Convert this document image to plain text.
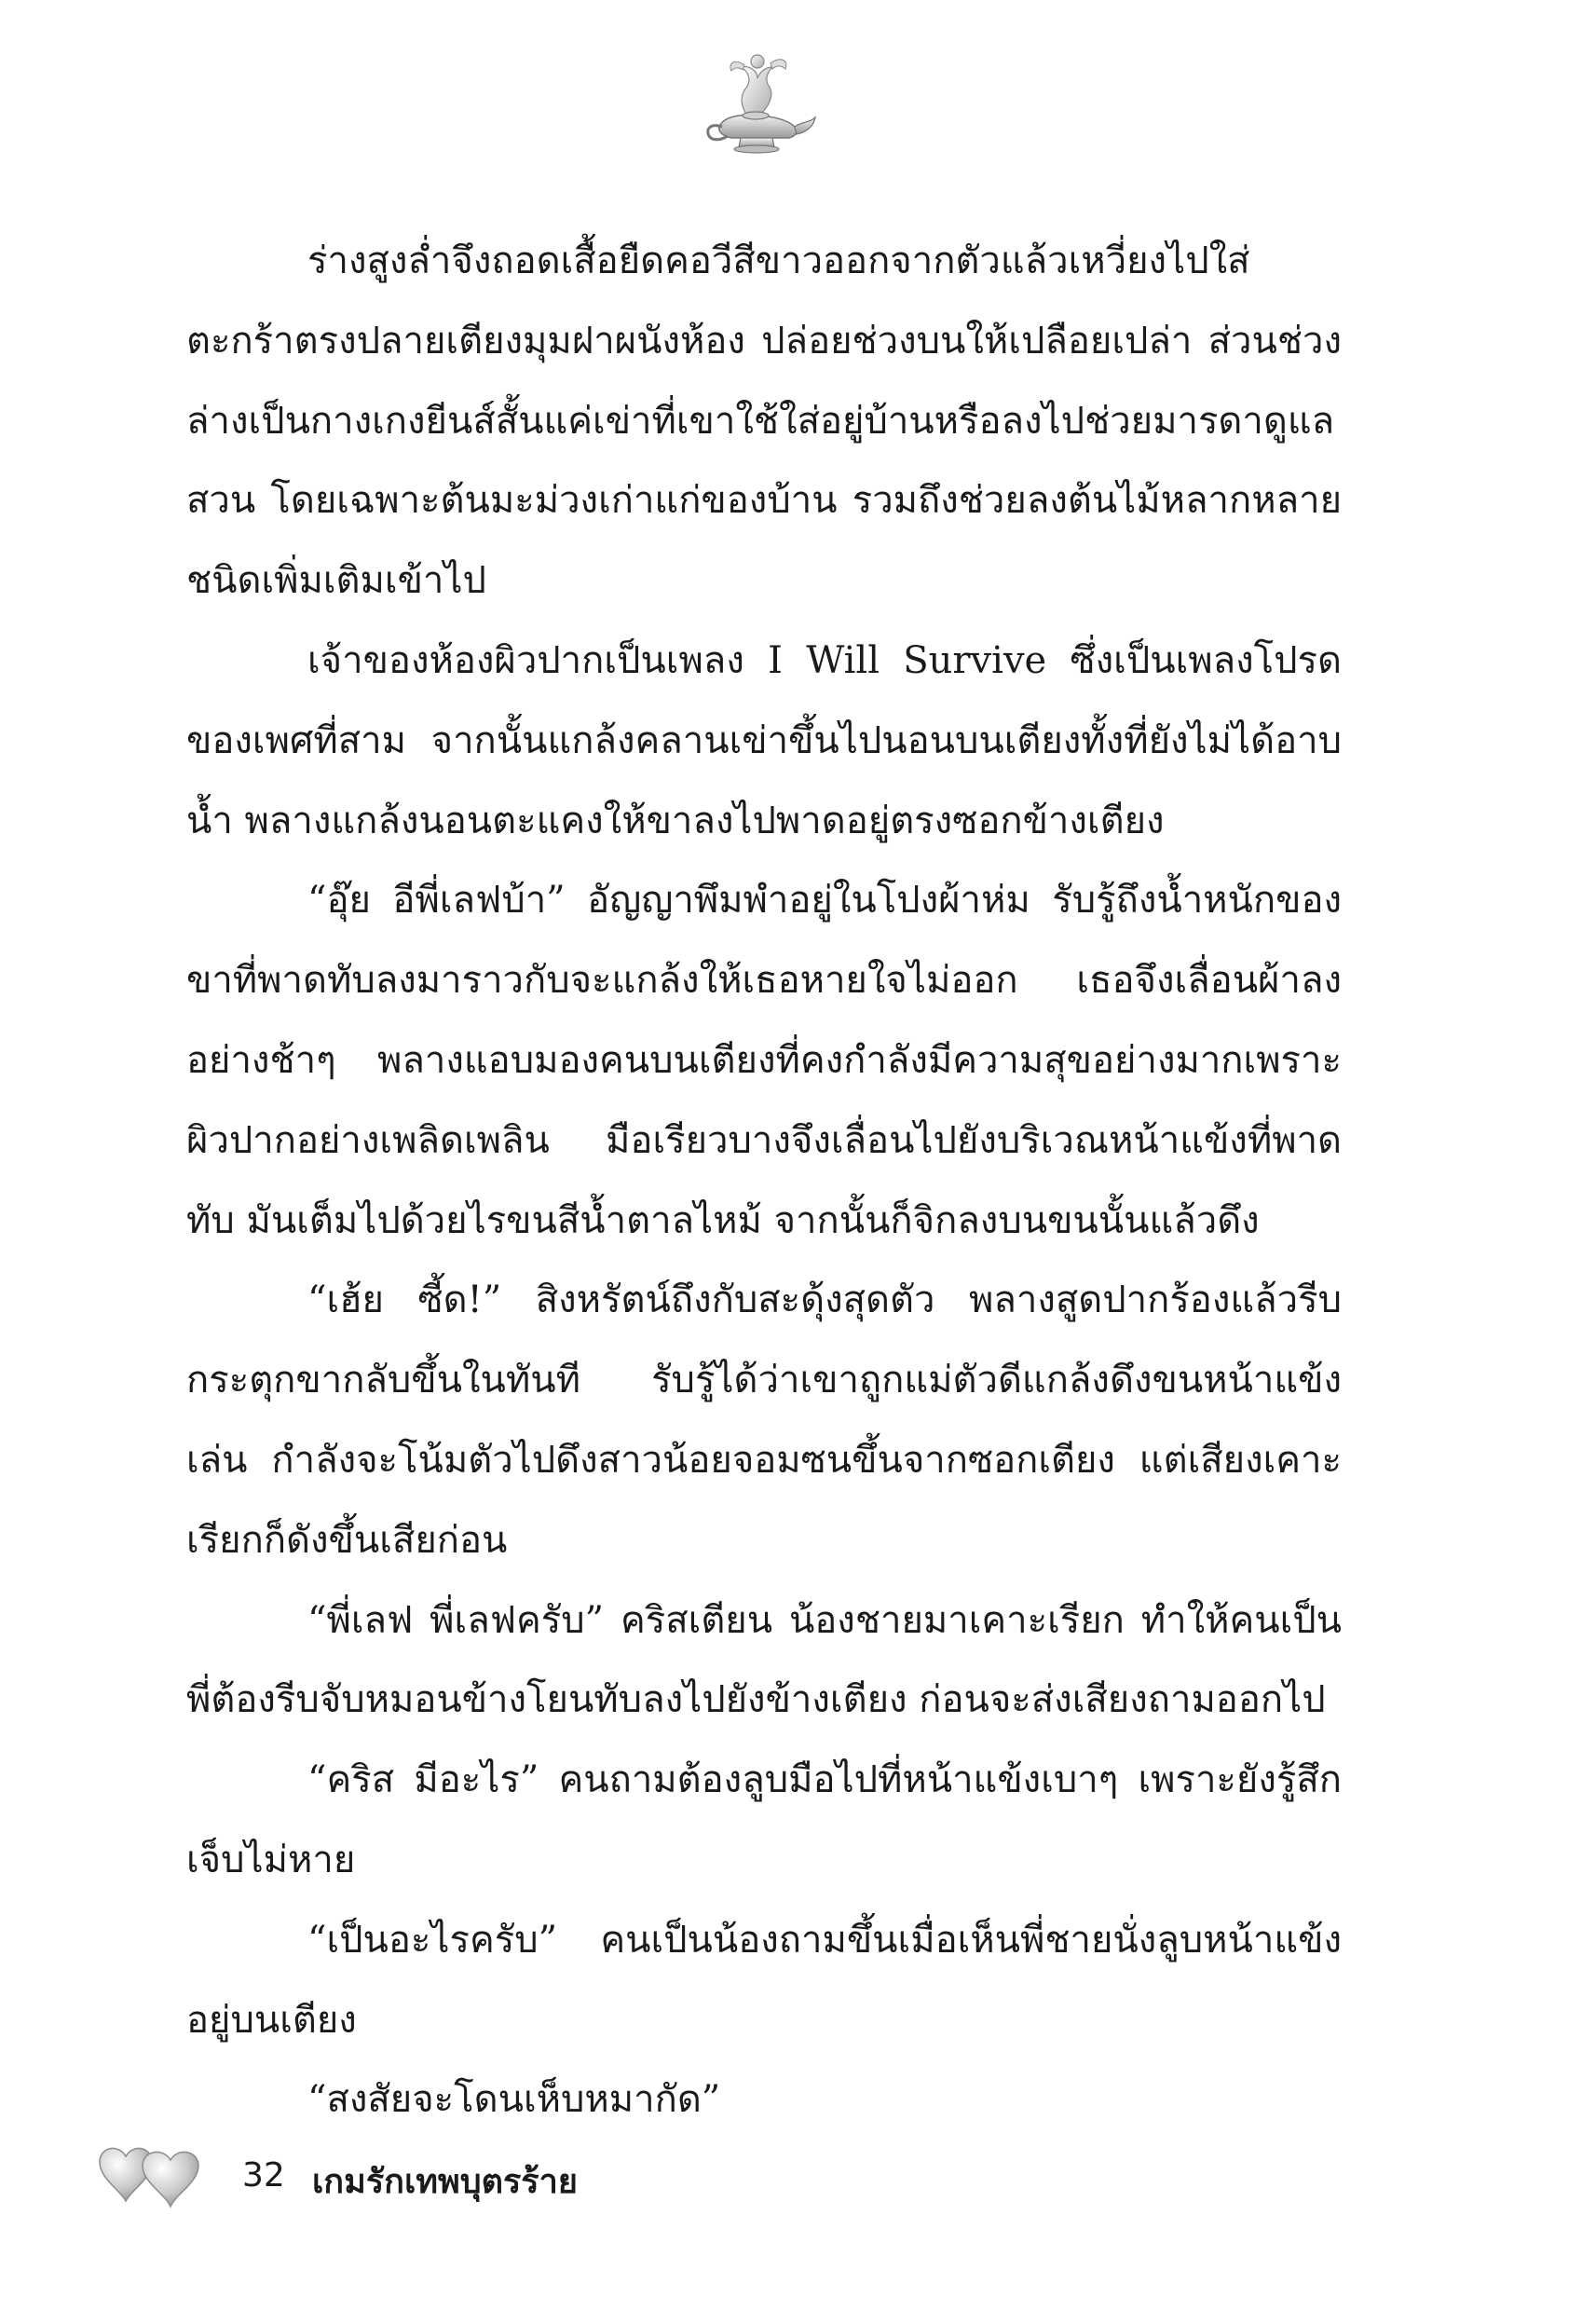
ร่างสูงล่ำจึงถอดเสื้อยืดคอวีสีขาวออกจากตัวแล้วเหวี่ยงไปใส่ตะกร้าตรงปลายเตียงมุมฝาผนังห้อง ปล่อยช่วงบนให้เปลือยเปล่า ส่วนช่วงล่างเป็นกางเกงยีนส์สั้นแค่เข่าที่เขาใช้ใส่อยู่บ้านหรือลงไปช่วยมารดาดูแลสวน โดยเฉพาะต้นมะม่วงเก่าแก่ของบ้าน รวมถึงช่วยลงต้นไม้หลากหลายชนิดเพิ่มเติมเข้าไป

เจ้าของห้องผิวปากเป็นเพลง I Will Survive ซึ่งเป็นเพลงโปรดของเพศที่สาม จากนั้นแกล้งคลานเข่าขึ้นไปนอนบนเตียงทั้งที่ยังไม่ได้อาบน้ำ พลางแกล้งนอนตะแคงให้ขาลงไปพาดอยู่ตรงซอกข้างเตียง

“อุ๊ย อีพี่เลฟบ้า” อัญญาพึมพำอยู่ในโปงผ้าห่ม รับรู้ถึงน้ำหนักของขาที่พาดทับลงมาราวกับจะแกล้งให้เธอหายใจไม่ออก เธอจึงเลื่อนผ้าลงอย่างช้าๆ พลางแอบมองคนบนเตียงที่คงกำลังมีความสุขอย่างมากเพราะผิวปากอย่างเพลิดเพลิน มือเรียวบางจึงเลื่อนไปยังบริเวณหน้าแข้งที่พาดทับ มันเต็มไปด้วยไรขนสีน้ำตาลไหม้ จากนั้นก็จิกลงบนขนนั้นแล้วดึง

“เฮ้ย ซี้ด!” สิงหรัตน์ถึงกับสะดุ้งสุดตัว พลางสูดปากร้องแล้วรีบกระตุกขากลับขึ้นในทันที รับรู้ได้ว่าเขาถูกแม่ตัวดีแกล้งดึงขนหน้าแข้งเล่น กำลังจะโน้มตัวไปดึงสาวน้อยจอมซนขึ้นจากซอกเตียง แต่เสียงเคาะเรียกก็ดังขึ้นเสียก่อน

“พี่เลฟ พี่เลฟครับ” คริสเตียน น้องชายมาเคาะเรียก ทำให้คนเป็นพี่ต้องรีบจับหมอนข้างโยนทับลงไปยังข้างเตียง ก่อนจะส่งเสียงถามออกไป

“คริส มีอะไร” คนถามต้องลูบมือไปที่หน้าแข้งเบาๆ เพราะยังรู้สึกเจ็บไม่หาย

“เป็นอะไรครับ” คนเป็นน้องถามขึ้นเมื่อเห็นพี่ชายนั่งลูบหน้าแข้งอยู่บนเตียง

“สงสัยจะโดนเห็บหมากัด”

32 เกมรักเทพบุตรร้าย
